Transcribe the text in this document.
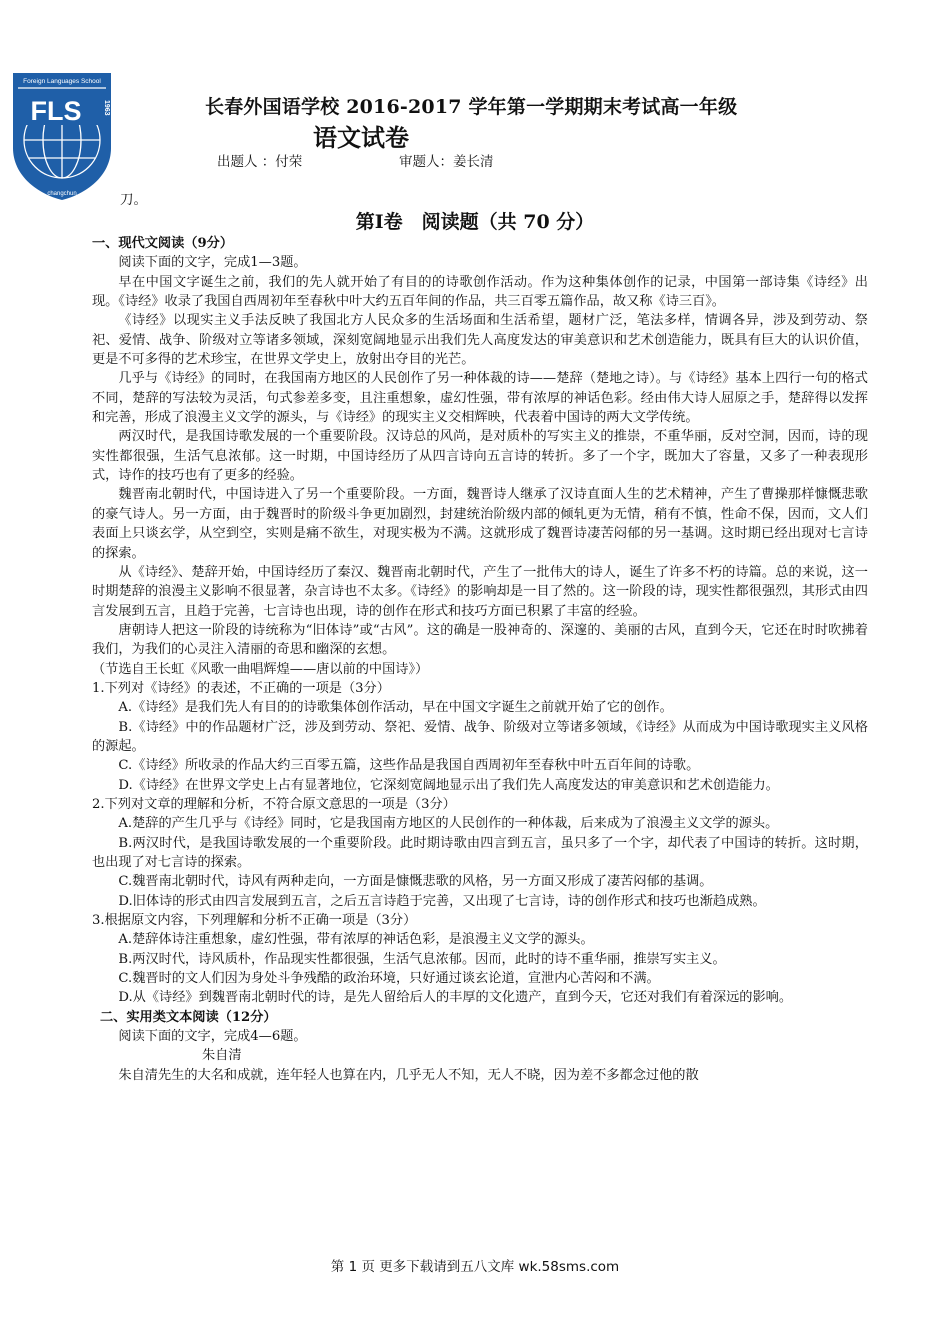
Foreign Languages School
FLS	1963
changchun
长春外国语学校 2016-2017 学年第一学期期末考试高一年级
语文试卷
出题人 ：付荣	审题人：姜长清
刀。
第Ⅰ卷　阅读题（共 70 分）

一、现代文阅读（9分）

阅读下面的文字，完成1—3题。

早在中国文字诞生之前，我们的先人就开始了有目的的诗歌创作活动。作为这种集体创作的记录，中国第一部诗集《诗经》出现。《诗经》收录了我国自西周初年至春秋中叶大约五百年间的作品，共三百零五篇作品，故又称《诗三百》。

《诗经》以现实主义手法反映了我国北方人民众多的生活场面和生活希望，题材广泛，笔法多样，情调各异，涉及到劳动、祭祀、爱情、战争、阶级对立等诸多领域，深刻宽阔地显示出我们先人高度发达的审美意识和艺术创造能力，既具有巨大的认识价值，更是不可多得的艺术珍宝，在世界文学史上，放射出夺目的光芒。

几乎与《诗经》的同时，在我国南方地区的人民创作了另一种体裁的诗——楚辞（楚地之诗）。与《诗经》基本上四行一句的格式不同，楚辞的写法较为灵活，句式参差多变，且注重想象，虚幻性强，带有浓厚的神话色彩。经由伟大诗人屈原之手，楚辞得以发挥和完善，形成了浪漫主义文学的源头，与《诗经》的现实主义交相辉映，代表着中国诗的两大文学传统。

两汉时代，是我国诗歌发展的一个重要阶段。汉诗总的风尚，是对质朴的写实主义的推崇，不重华丽，反对空洞，因而，诗的现实性都很强，生活气息浓郁。这一时期，中国诗经历了从四言诗向五言诗的转折。多了一个字，既加大了容量，又多了一种表现形式，诗作的技巧也有了更多的经验。

魏晋南北朝时代，中国诗进入了另一个重要阶段。一方面，魏晋诗人继承了汉诗直面人生的艺术精神，产生了曹操那样慷慨悲歌的豪气诗人。另一方面，由于魏晋时的阶级斗争更加剧烈，封建统治阶级内部的倾轧更为无情，稍有不慎，性命不保，因而，文人们表面上只谈玄学，从空到空，实则是痛不欲生，对现实极为不满。这就形成了魏晋诗凄苦闷郁的另一基调。这时期已经出现对七言诗的探索。

从《诗经》、楚辞开始，中国诗经历了秦汉、魏晋南北朝时代，产生了一批伟大的诗人，诞生了许多不朽的诗篇。总的来说，这一时期楚辞的浪漫主义影响不很显著，杂言诗也不太多。《诗经》的影响却是一目了然的。这一阶段的诗，现实性都很强烈，其形式由四言发展到五言，且趋于完善，七言诗也出现，诗的创作在形式和技巧方面已积累了丰富的经验。

唐朝诗人把这一阶段的诗统称为“旧体诗”或“古风”。这的确是一股神奇的、深邃的、美丽的古风，直到今天，它还在时时吹拂着我们，为我们的心灵注入清丽的奇思和幽深的玄想。

（节选自王长虹《风歌一曲唱辉煌——唐以前的中国诗》）

1.下列对《诗经》的表述，不正确的一项是（3分）

A.《诗经》是我们先人有目的的诗歌集体创作活动，早在中国文字诞生之前就开始了它的创作。

B.《诗经》中的作品题材广泛，涉及到劳动、祭祀、爱情、战争、阶级对立等诸多领域，《诗经》从而成为中国诗歌现实主义风格的源起。

C.《诗经》所收录的作品大约三百零五篇，这些作品是我国自西周初年至春秋中叶五百年间的诗歌。

D.《诗经》在世界文学史上占有显著地位，它深刻宽阔地显示出了我们先人高度发达的审美意识和艺术创造能力。

2.下列对文章的理解和分析，不符合原文意思的一项是（3分）

A.楚辞的产生几乎与《诗经》同时，它是我国南方地区的人民创作的一种体裁，后来成为了浪漫主义文学的源头。

B.两汉时代，是我国诗歌发展的一个重要阶段。此时期诗歌由四言到五言，虽只多了一个字，却代表了中国诗的转折。这时期，也出现了对七言诗的探索。

C.魏晋南北朝时代，诗风有两种走向，一方面是慷慨悲歌的风格，另一方面又形成了凄苦闷郁的基调。

D.旧体诗的形式由四言发展到五言，之后五言诗趋于完善，又出现了七言诗，诗的创作形式和技巧也渐趋成熟。

3.根据原文内容，下列理解和分析不正确一项是（3分）

A.楚辞体诗注重想象，虚幻性强，带有浓厚的神话色彩，是浪漫主义文学的源头。

B.两汉时代，诗风质朴，作品现实性都很强，生活气息浓郁。因而，此时的诗不重华丽，推崇写实主义。

C.魏晋时的文人们因为身处斗争残酷的政治环境，只好通过谈玄论道，宣泄内心苦闷和不满。

D.从《诗经》到魏晋南北朝时代的诗，是先人留给后人的丰厚的文化遗产，直到今天，它还对我们有着深远的影响。

二、实用类文本阅读（12分）

阅读下面的文字，完成4—6题。

朱自清

朱自清先生的大名和成就，连年轻人也算在内，几乎无人不知，无人不晓，因为差不多都念过他的散

第 1 页 更多下载请到五八文库 wk.58sms.com
